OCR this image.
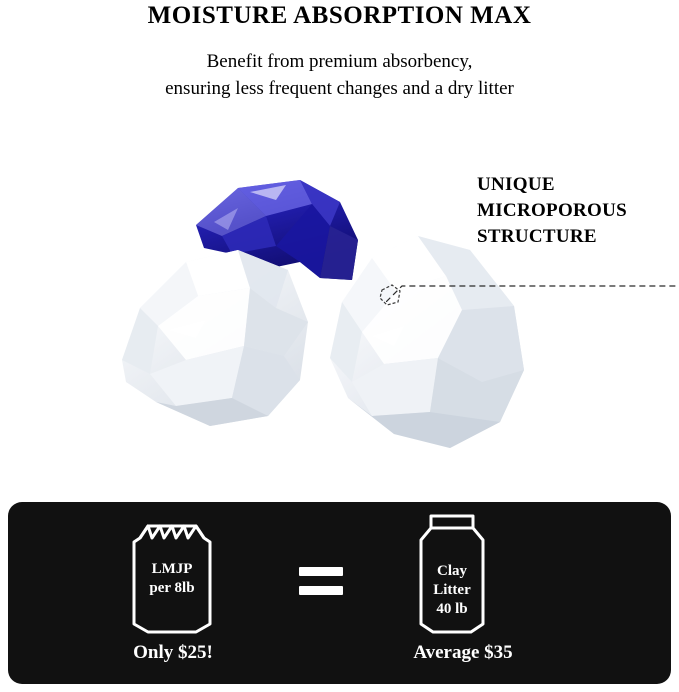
MOISTURE ABSORPTION MAX
Benefit from premium absorbency,
ensuring less frequent changes and a dry litter
UNIQUE
MICROPOROUS
STRUCTURE
LMJP
per 8lb
Clay
Litter
40 lb
Only $25!	Average $35
